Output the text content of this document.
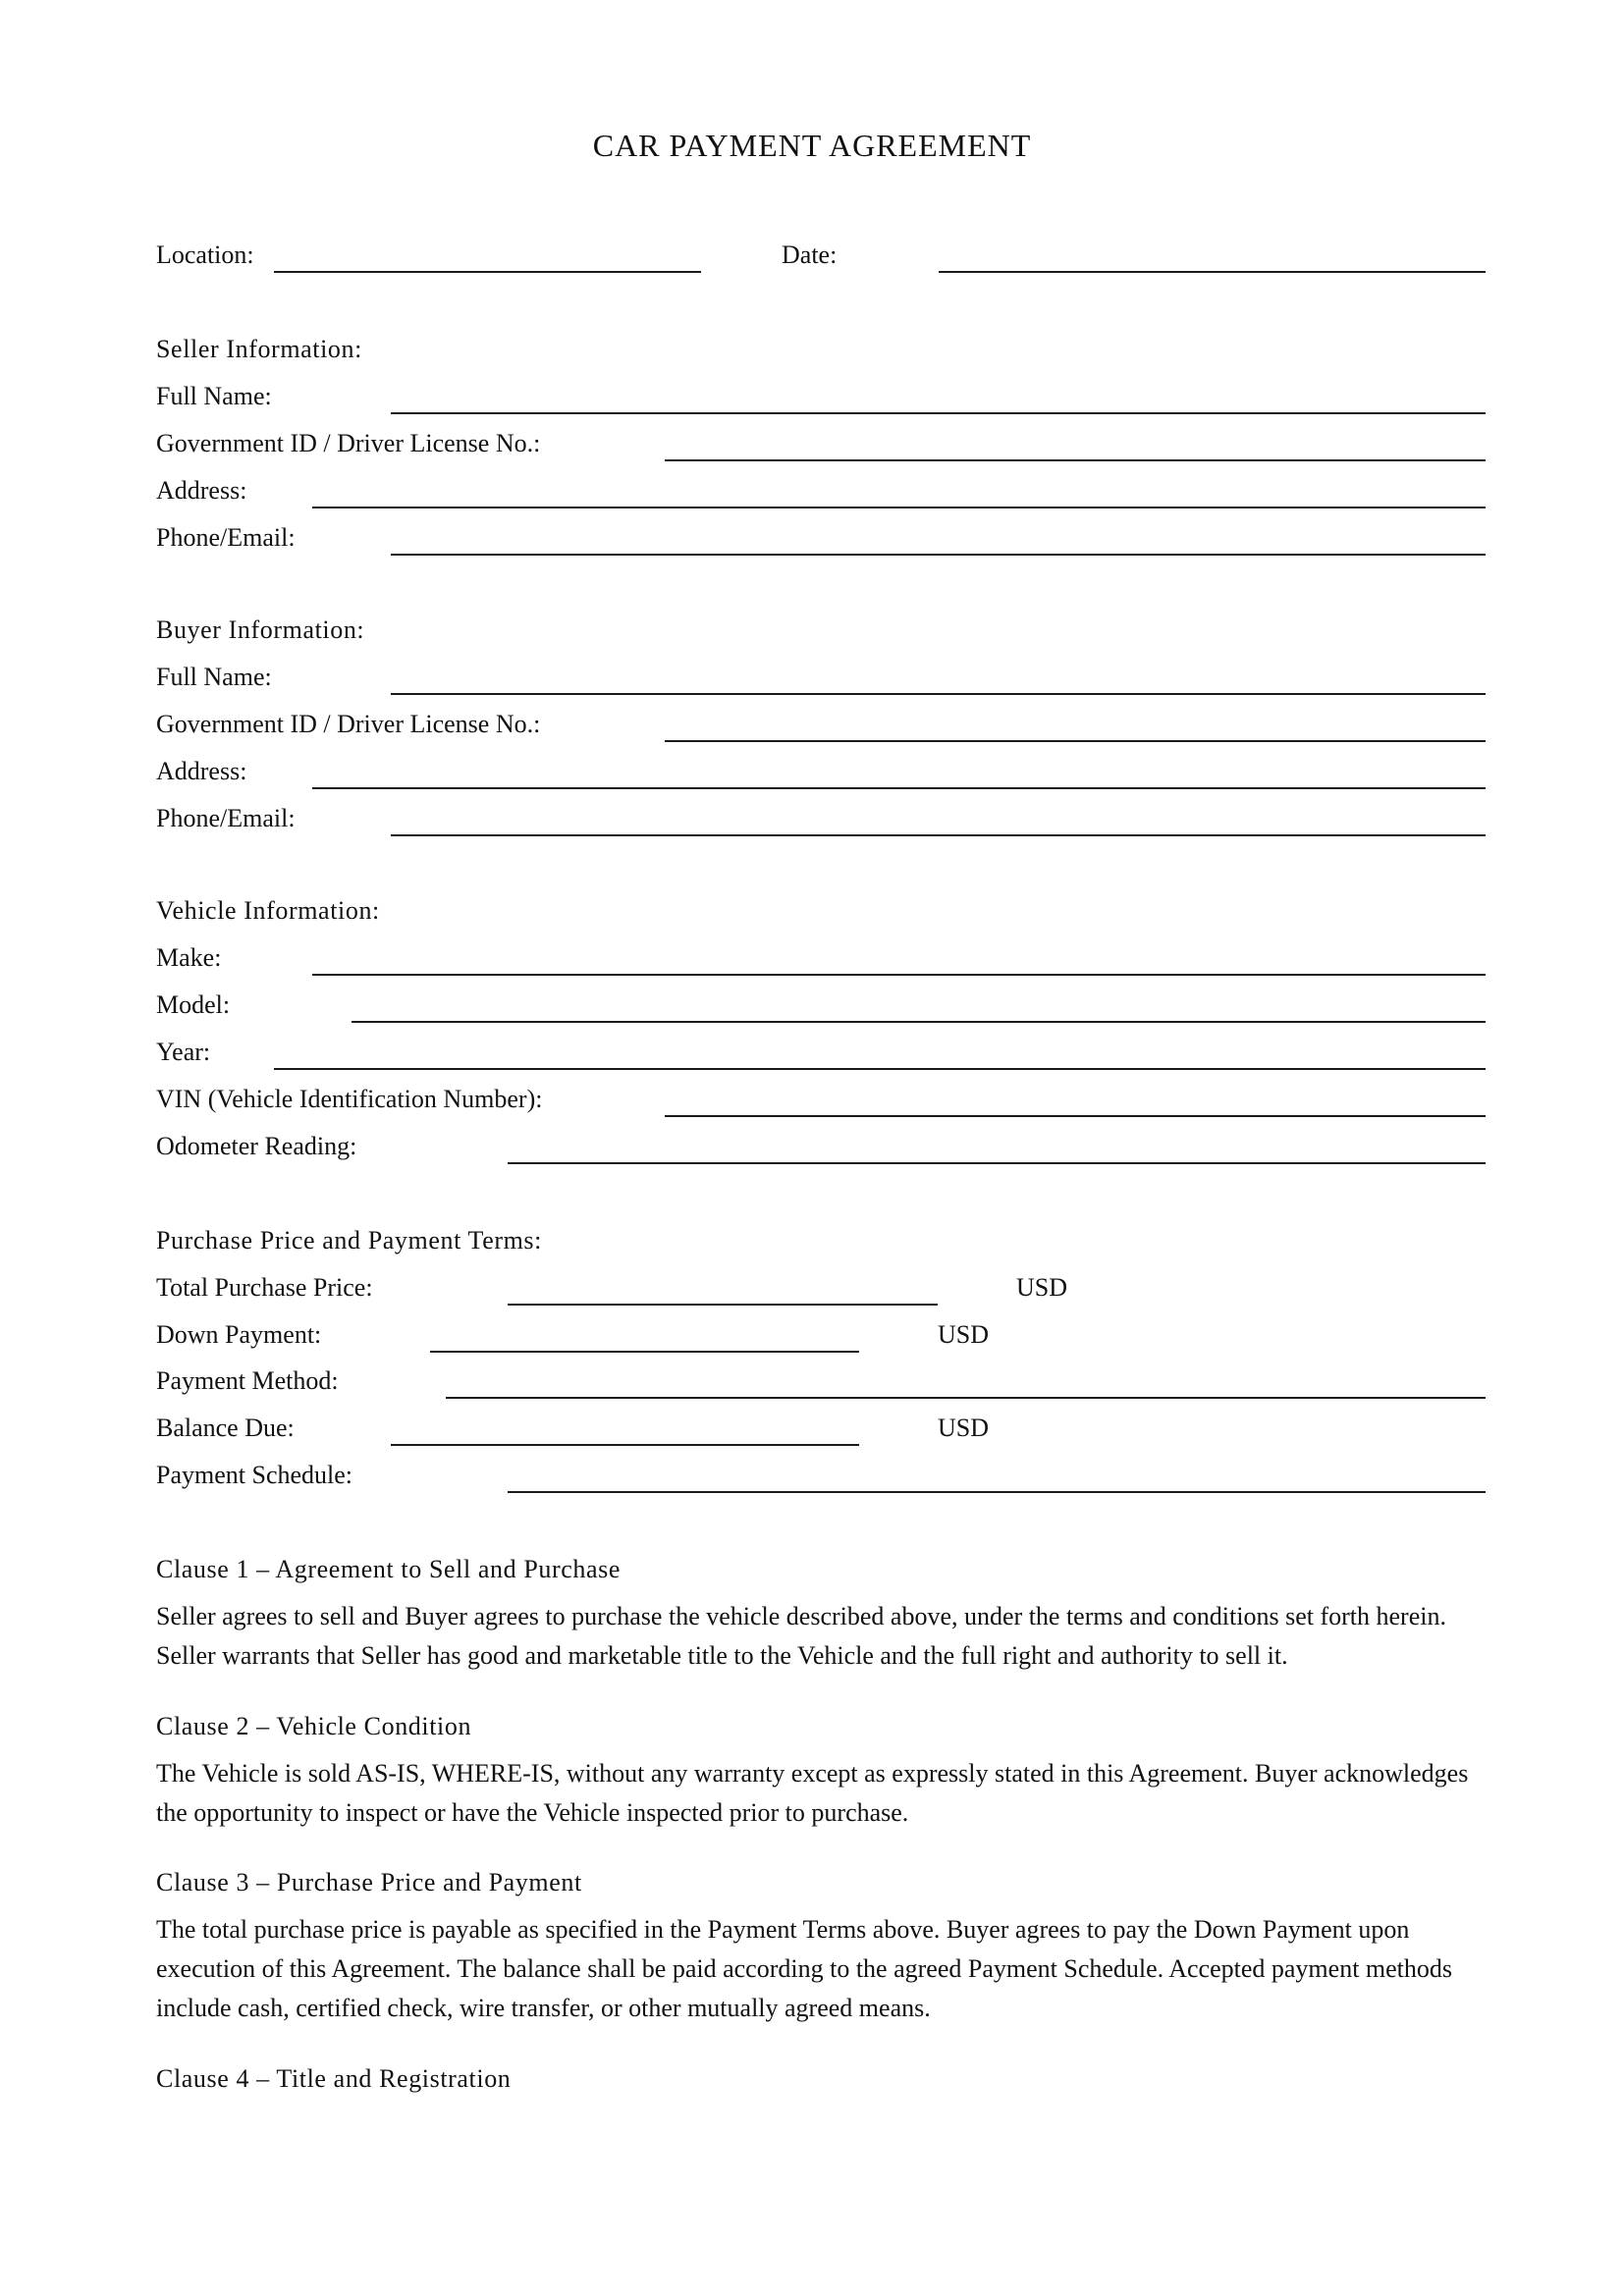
CAR PAYMENT AGREEMENT
Location:	Date:
Seller Information:
Full Name:
Government ID / Driver License No.:
Address:
Phone/Email:
Buyer Information:
Full Name:
Government ID / Driver License No.:
Address:
Phone/Email:
Vehicle Information:
Make:
Model:
Year:
VIN (Vehicle Identification Number):
Odometer Reading:
Purchase Price and Payment Terms:
Total Purchase Price:	USD
Down Payment:	USD
Payment Method:
Balance Due:	USD
Payment Schedule:
Clause 1 – Agreement to Sell and Purchase
Seller agrees to sell and Buyer agrees to purchase the vehicle described above, under the terms and conditions set forth herein. Seller warrants that Seller has good and marketable title to the Vehicle and the full right and authority to sell it.
Clause 2 – Vehicle Condition
The Vehicle is sold AS-IS, WHERE-IS, without any warranty except as expressly stated in this Agreement. Buyer acknowledges the opportunity to inspect or have the Vehicle inspected prior to purchase.
Clause 3 – Purchase Price and Payment
The total purchase price is payable as specified in the Payment Terms above. Buyer agrees to pay the Down Payment upon execution of this Agreement. The balance shall be paid according to the agreed Payment Schedule. Accepted payment methods include cash, certified check, wire transfer, or other mutually agreed means.
Clause 4 – Title and Registration
